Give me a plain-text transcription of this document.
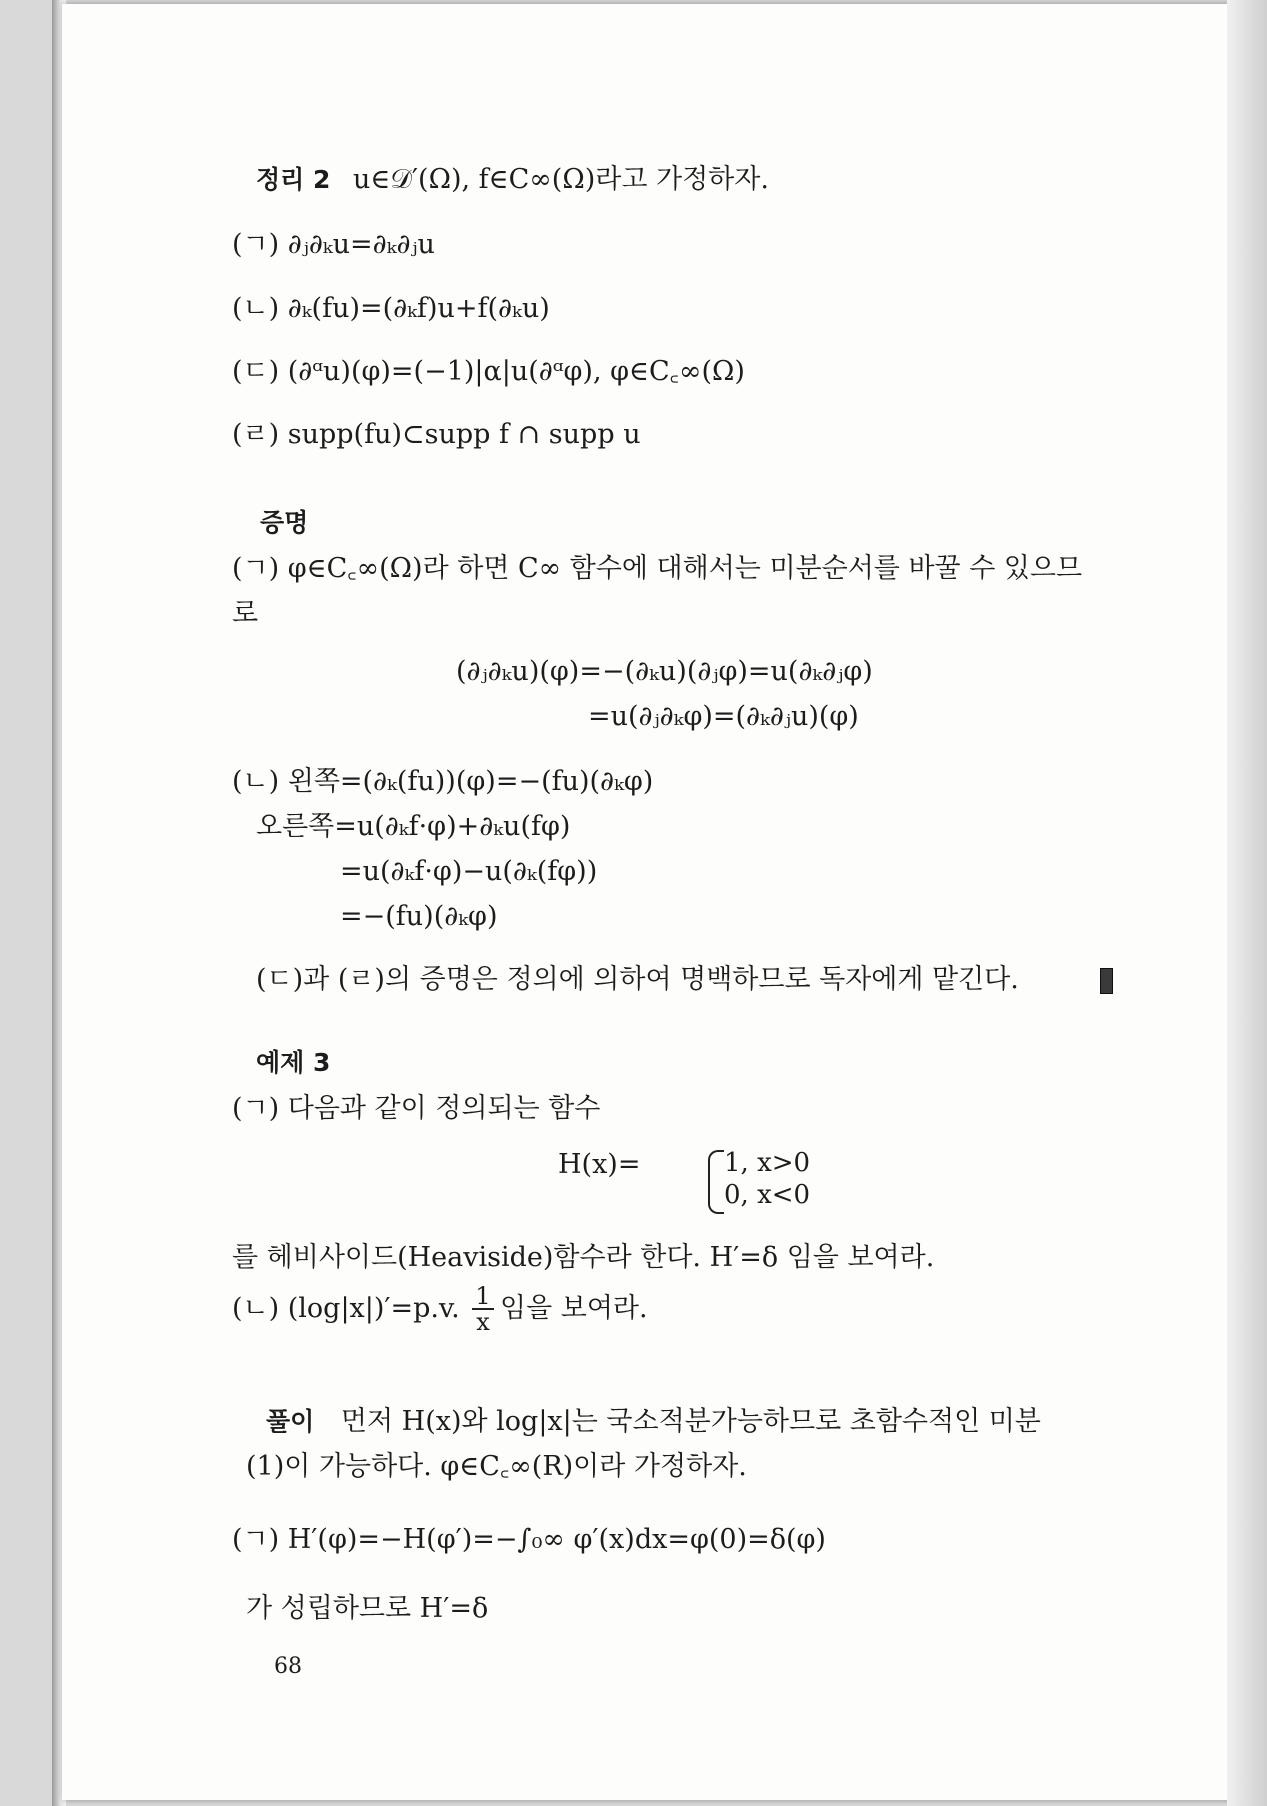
정리 2 u∈𝒟′(Ω), f∈C∞(Ω)라고 가정하자.
(ㄱ) ∂ⱼ∂ₖu=∂ₖ∂ⱼu
(ㄴ) ∂ₖ(fu)=(∂ₖf)u+f(∂ₖu)
(ㄷ) (∂ᵅu)(φ)=(−1)|α|u(∂ᵅφ), φ∈C꜀∞(Ω)
(ㄹ) supp(fu)⊂supp f ∩ supp u
증명
(ㄱ) φ∈C꜀∞(Ω)라 하면 C∞ 함수에 대해서는 미분순서를 바꿀 수 있으므
로
(∂ⱼ∂ₖu)(φ)=−(∂ₖu)(∂ⱼφ)=u(∂ₖ∂ⱼφ)
=u(∂ⱼ∂ₖφ)=(∂ₖ∂ⱼu)(φ)
(ㄴ) 왼쪽=(∂ₖ(fu))(φ)=−(fu)(∂ₖφ)
오른쪽=u(∂ₖf·φ)+∂ₖu(fφ)
=u(∂ₖf·φ)−u(∂ₖ(fφ))
=−(fu)(∂ₖφ)
(ㄷ)과 (ㄹ)의 증명은 정의에 의하여 명백하므로 독자에게 맡긴다.
예제 3
(ㄱ) 다음과 같이 정의되는 함수
H(x)=	1, x>0
0, x<0
를 헤비사이드(Heaviside)함수라 한다. H′=δ 임을 보여라.
(ㄴ) (log|x|)′=p.v. $\frac{1}{x}$ 임을 보여라.
풀이 먼저 H(x)와 log|x|는 국소적분가능하므로 초함수적인 미분
(1)이 가능하다. φ∈C꜀∞(R)이라 가정하자.
(ㄱ) H′(φ)=−H(φ′)=−∫₀∞ φ′(x)dx=φ(0)=δ(φ)
가 성립하므로 H′=δ
68
